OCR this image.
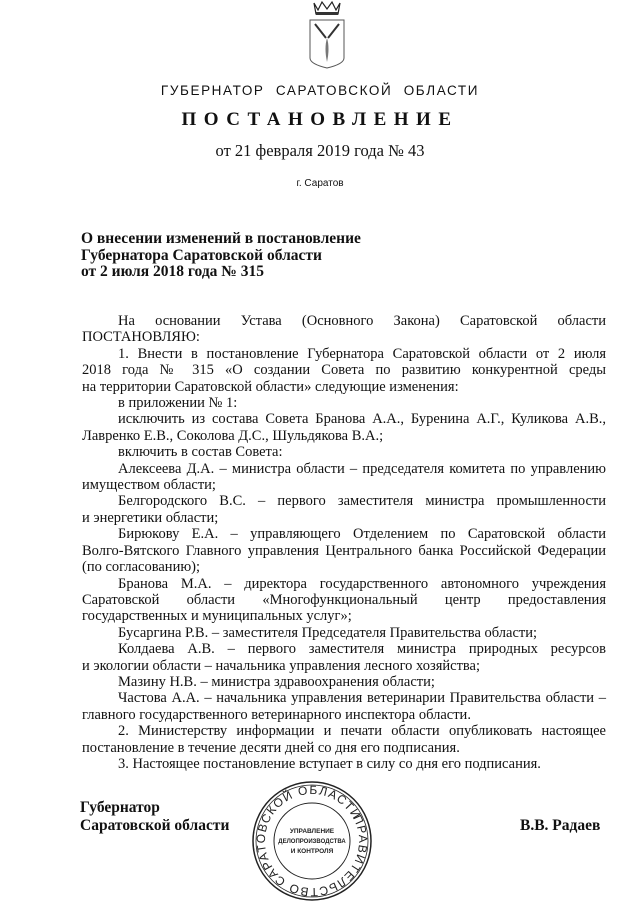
ГУБЕРНАТОР САРАТОВСКОЙ ОБЛАСТИ
ПОСТАНОВЛЕНИЕ
от 21 февраля 2019 года № 43
г. Саратов
О внесении изменений в постановление
Губернатора Саратовской области
от 2 июля 2018 года № 315
На основании Устава (Основного Закона) Саратовской области
ПОСТАНОВЛЯЮ:
1. Внести в постановление Губернатора Саратовской области от 2 июля
2018 года № 315 «О создании Совета по развитию конкурентной среды
на территории Саратовской области» следующие изменения:
в приложении № 1:
исключить из состава Совета Бранова А.А., Буренина А.Г., Куликова А.В.,
Лавренко Е.В., Соколова Д.С., Шульдякова В.А.;
включить в состав Совета:
Алексеева Д.А. – министра области – председателя комитета по управлению
имуществом области;
Белгородского В.С. – первого заместителя министра промышленности
и энергетики области;
Бирюкову Е.А. – управляющего Отделением по Саратовской области
Волго-Вятского Главного управления Центрального банка Российской Федерации
(по согласованию);
Бранова М.А. – директора государственного автономного учреждения
Саратовской области «Многофункциональный центр предоставления
государственных и муниципальных услуг»;
Бусаргина Р.В. – заместителя Председателя Правительства области;
Колдаева А.В. – первого заместителя министра природных ресурсов
и экологии области – начальника управления лесного хозяйства;
Мазину Н.В. – министра здравоохранения области;
Частова А.А. – начальника управления ветеринарии Правительства области –
главного государственного ветеринарного инспектора области.
2. Министерству информации и печати области опубликовать настоящее
постановление в течение десяти дней со дня его подписания.
3. Настоящее постановление вступает в силу со дня его подписания.
ПРАВИТЕЛЬСТВО САРАТОВСКОЙ ОБЛАСТИ
УПРАВЛЕНИЕ
ДЕЛОПРОИЗВОДСТВА
И КОНТРОЛЯ
Губернатор
Саратовской области	В.В. Радаев
